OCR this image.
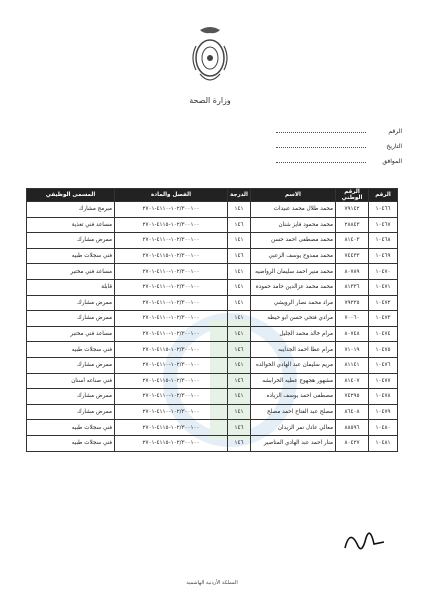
وزارة الصحة
الرقم
التاريخ
الموافق
الرقم	الرقم الوطني	الاسم	الدرجة	الفصل والمادة	المسمى الوظيفي
١٠٤٦٦	٧٩١٤٢	محمد طلال محمد عبيدات	١٤١	١٠٢/٣٠٠١٠٠-٤١١٠-٢٧٠١	مبرمج مشارك
١٠٤٦٧	٢٨٨٤٣	محمد محمود فايز شنان	١٤٦	١٠٢/٣٠٠١٠٠-٤١١٥-٢٧٠١	مساعد فني تغذية
١٠٤٦٨	٨١٤٠٣	محمد مصطفى احمد حسن	١٤١	١٠٢/٣٠٠١٠٠-٤١١٠-٢٧٠١	ممرض مشارك
١٠٤٦٩	٧٤٤٣٣	محمد ممدوح يوسف الزعبي	١٤٦	١٠٢/٣٠٠١٠٠-٤١١٥-٢٧٠١	فني سجلات طبيه
١٠٤٧٠	٨٠٧٨٩	محمد منير احمد سليمان الرواضيه	١٤١	١٠٢/٣٠٠١٠٠-٤١١٠-٢٧٠١	مساعد فني مختبر
١٠٤٧١	٨١٣٣٦	محمد محمد عزالدين حامد حمودة	١٤١	١٠٢/٣٠٠١٠٠-٤١١٠-٢٧٠١	قابلة
١٠٤٧٢	٧٩٢٢٥	مراد محمد نصار الرويشي	١٤١	١٠٢/٣٠٠١٠٠-٤١١٠-٢٧٠١	ممرض مشارك
١٠٤٧٣	٧٠٠٦٠	مرادي فتحي حسن ابو حيطه	١٤١	١٠٢/٣٠٠١٠٠-٤١١٠-٢٧٠١	ممرض مشارك
١٠٤٧٤	٨٠٧٤٨	مرام خالد محمد الجليل	١٤١	١٠٢/٣٠٠١٠٠-٤١١٠-٢٧٠١	مساعد فني مختبر
١٠٤٧٥	٧١٠١٩	مرام عطا احمد الجدايبه	١٤٦	١٠٢/٣٠٠١٠٠-٤١١٥-٢٧٠١	فني سجلات طبيه
١٠٤٧٦	٨١١٤١	مريم سليمان عبد الهادي الخوالده	١٤١	١٠٢/٣٠٠١٠٠-٤١١٠-٢٧٠١	ممرض مشارك
١٠٤٧٧	٨١٤٠٧	مشهور هجهوج عطيه الخرابشه	١٤٦	١٠٢/٣٠٠١٠٠-٤١١٥-٢٧٠١	فني صناعه اسنان
١٠٤٧٨	٧٤٢٩٥	مصطفى احمد يوسف الزياده	١٤١	١٠٢/٣٠٠١٠٠-٤١١٠-٢٧٠١	ممرض مشارك
١٠٤٧٩	٨٦٤٠٨	مصلح عبد الفتاح احمد مصلح	١٤١	١٠٢/٣٠٠١٠٠-٤١١٠-٢٧٠١	ممرض مشارك
١٠٤٨٠	٨٨٥٩٦	معالي عادل نمر الزيدان	١٤٦	١٠٢/٣٠٠١٠٠-٤١١٥-٢٧٠١	فني سجلات طبيه
١٠٤٨١	٨٠٤٢٧	منار احمد عبد الهادي المناصير	١٤٦	١٠٢/٣٠٠١٠٠-٤١١٥-٢٧٠١	فني سجلات طبيه
المملكة الأردنية الهاشمية
